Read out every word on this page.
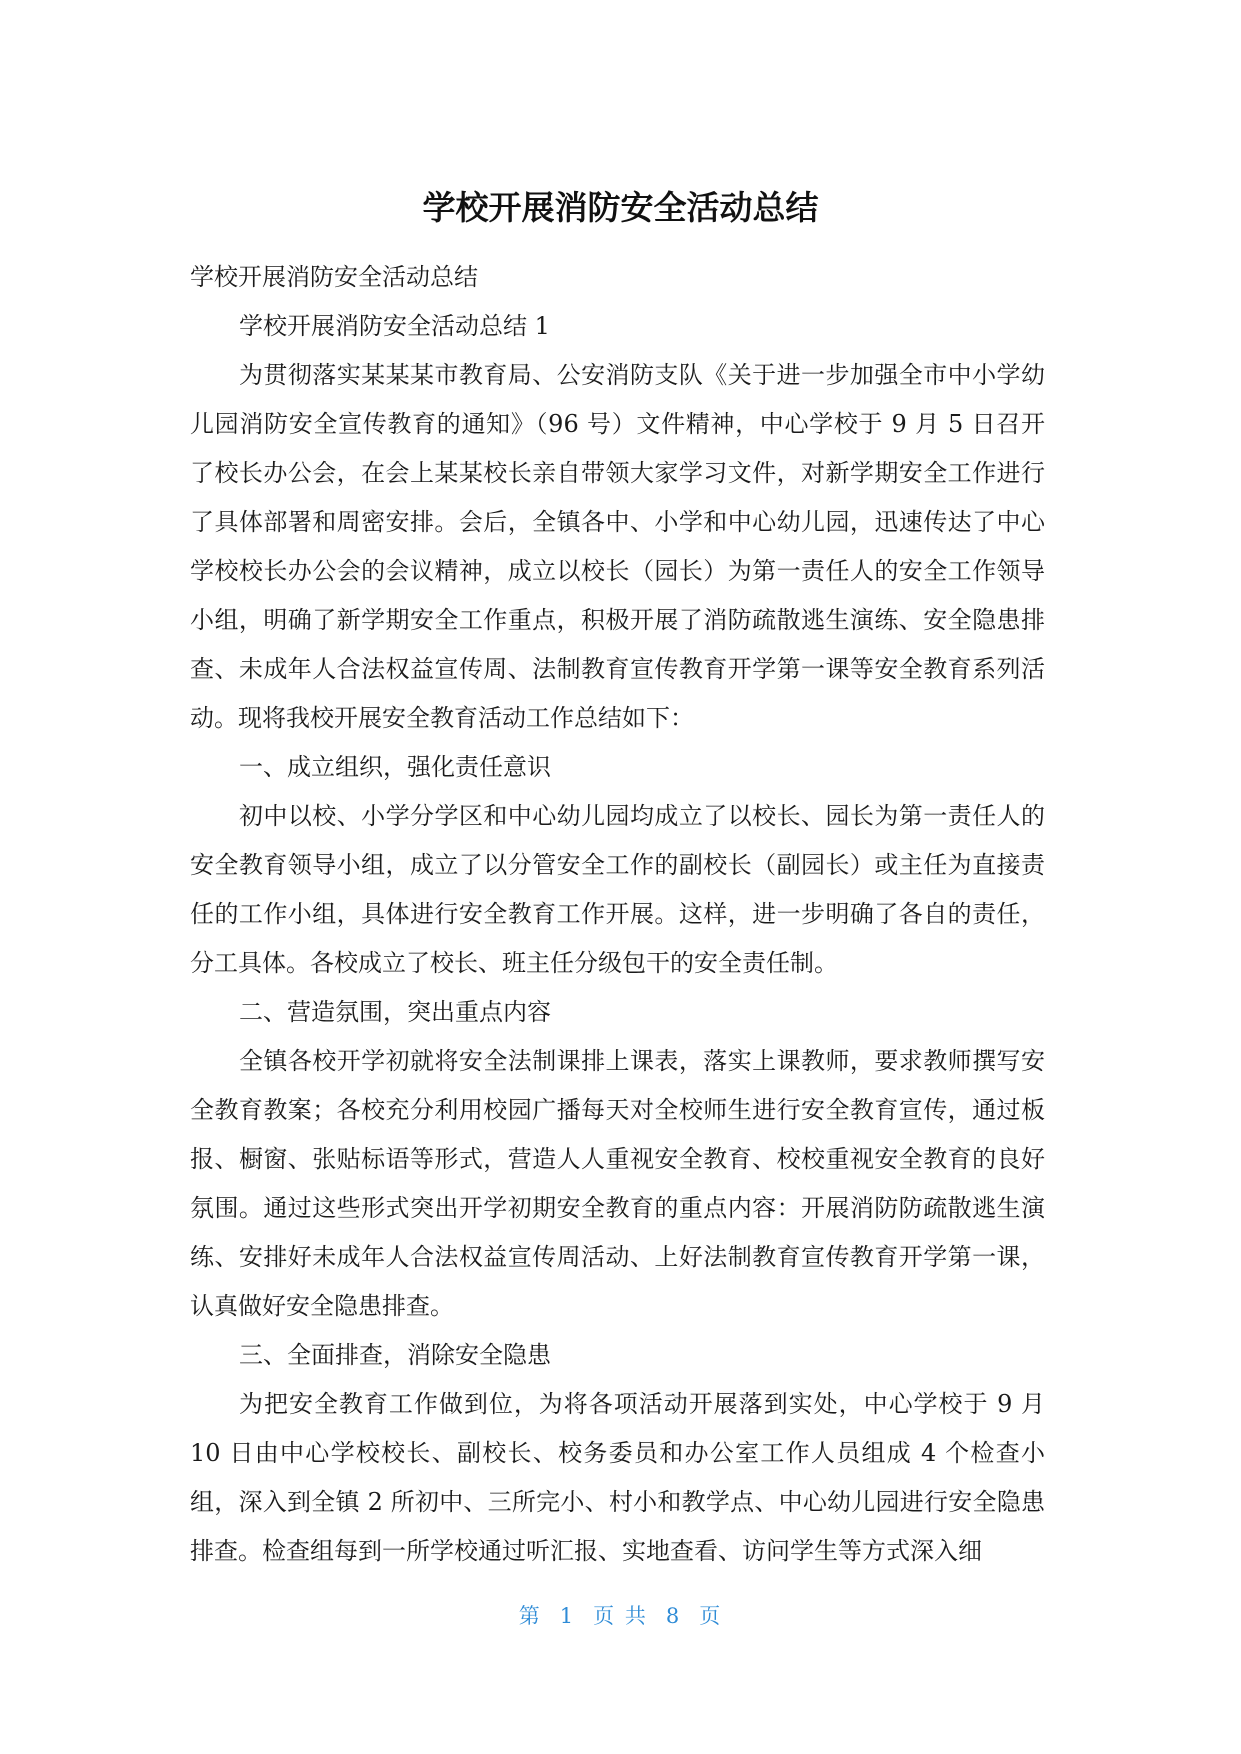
学校开展消防安全活动总结

学校开展消防安全活动总结

学校开展消防安全活动总结 1

为贯彻落实某某某市教育局、公安消防支队《关于进一步加强全市中小学幼儿园消防安全宣传教育的通知》（96 号）文件精神，中心学校于 9 月 5 日召开了校长办公会，在会上某某校长亲自带领大家学习文件，对新学期安全工作进行了具体部署和周密安排。会后，全镇各中、小学和中心幼儿园，迅速传达了中心学校校长办公会的会议精神，成立以校长（园长）为第一责任人的安全工作领导小组，明确了新学期安全工作重点，积极开展了消防疏散逃生演练、安全隐患排查、未成年人合法权益宣传周、法制教育宣传教育开学第一课等安全教育系列活动。现将我校开展安全教育活动工作总结如下：

一、成立组织，强化责任意识

初中以校、小学分学区和中心幼儿园均成立了以校长、园长为第一责任人的安全教育领导小组，成立了以分管安全工作的副校长（副园长）或主任为直接责任的工作小组，具体进行安全教育工作开展。这样，进一步明确了各自的责任，分工具体。各校成立了校长、班主任分级包干的安全责任制。

二、营造氛围，突出重点内容

全镇各校开学初就将安全法制课排上课表，落实上课教师，要求教师撰写安全教育教案；各校充分利用校园广播每天对全校师生进行安全教育宣传，通过板报、橱窗、张贴标语等形式，营造人人重视安全教育、校校重视安全教育的良好氛围。通过这些形式突出开学初期安全教育的重点内容：开展消防防疏散逃生演练、安排好未成年人合法权益宣传周活动、上好法制教育宣传教育开学第一课，认真做好安全隐患排查。

三、全面排查，消除安全隐患

为把安全教育工作做到位，为将各项活动开展落到实处，中心学校于 9 月 10 日由中心学校校长、副校长、校务委员和办公室工作人员组成 4 个检查小组，深入到全镇 2 所初中、三所完小、村小和教学点、中心幼儿园进行安全隐患排查。检查组每到一所学校通过听汇报、实地查看、访问学生等方式深入细

第 1 页 共 8 页
